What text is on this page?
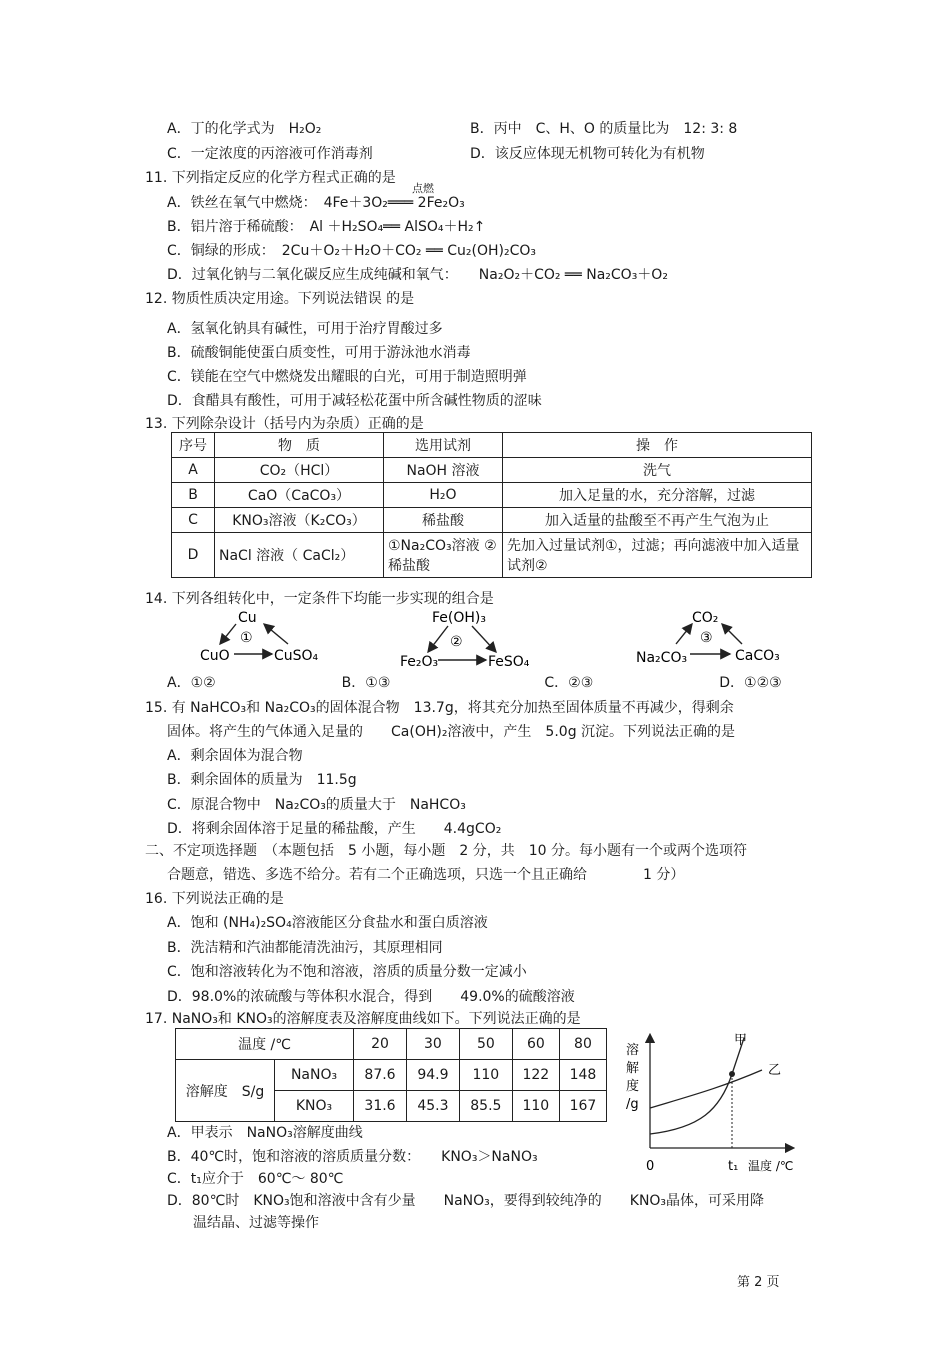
A．丁的化学式为　H₂O₂	B．丙中　C、H、O 的质量比为　12: 3: 8
C．一定浓度的丙溶液可作消毒剂	D．该反应体现无机物可转化为有机物
11. 下列指定反应的化学方程式正确的是
点燃
A．铁丝在氧气中燃烧：　4Fe＋3O₂═══ 2Fe₂O₃
B．铝片溶于稀硫酸：　Al ＋H₂SO₄══ AlSO₄＋H₂↑
C．铜绿的形成：　2Cu＋O₂＋H₂O＋CO₂ ══ Cu₂(OH)₂CO₃
D．过氧化钠与二氧化碳反应生成纯碱和氧气：　　Na₂O₂＋CO₂ ══ Na₂CO₃＋O₂
12. 物质性质决定用途。下列说法错误 的是
A．氢氧化钠具有碱性，可用于治疗胃酸过多
B．硫酸铜能使蛋白质变性，可用于游泳池水消毒
C．镁能在空气中燃烧发出耀眼的白光，可用于制造照明弹
D．食醋具有酸性，可用于减轻松花蛋中所含碱性物质的涩味
13. 下列除杂设计（括号内为杂质）正确的是
序号	物　质	选用试剂	操　作
A	CO₂（HCl）	NaOH 溶液	洗气
B	CaO（CaCO₃）	H₂O	加入足量的水，充分溶解，过滤
C	KNO₃溶液（K₂CO₃）	稀盐酸	加入适量的盐酸至不再产生气泡为止
D	NaCl 溶液（ CaCl₂）	①Na₂CO₃溶液 ②稀盐酸	先加入过量试剂①，过滤；再向滤液中加入适量试剂②
14. 下列各组转化中，一定条件下均能一步实现的组合是
Cu
①
CuO	CuSO₄
Fe(OH)₃
②
Fe₂O₃	FeSO₄
CO₂
③
Na₂CO₃	CaCO₃
A．①②　　　　　　　　　B．①③　　　　　　　　　　　C．②③　　　　　　　　　D．①②③
15. 有 NaHCO₃和 Na₂CO₃的固体混合物　13.7g，将其充分加热至固体质量不再减少，得剩余
固体。将产生的气体通入足量的　　Ca(OH)₂溶液中，产生　5.0g 沉淀。下列说法正确的是
A．剩余固体为混合物
B．剩余固体的质量为　11.5g
C．原混合物中　Na₂CO₃的质量大于　NaHCO₃
D．将剩余固体溶于足量的稀盐酸，产生　　4.4gCO₂
二、不定项选择题　（本题包括　5 小题，每小题　2 分，共　10 分。每小题有一个或两个选项符
合题意，错选、多选不给分。若有二个正确选项，只选一个且正确给　　　　1 分）
16. 下列说法正确的是
A．饱和 (NH₄)₂SO₄溶液能区分食盐水和蛋白质溶液
B．洗洁精和汽油都能清洗油污，其原理相同
C．饱和溶液转化为不饱和溶液，溶质的质量分数一定减小
D．98.0%的浓硫酸与等体积水混合，得到　　49.0%的硫酸溶液
17. NaNO₃和 KNO₃的溶解度表及溶解度曲线如下。下列说法正确的是
温度 /℃		20	30	50	60	80
溶解度　S/g	NaNO₃	87.6	94.9	110	122	148
	KNO₃	31.6	45.3	85.5	110	167
溶
解
度
/g
甲
乙
0	t₁ 温度 /℃
A．甲表示　NaNO₃溶解度曲线
B．40℃时，饱和溶液的溶质质量分数：　　KNO₃＞NaNO₃
C．t₁应介于　60℃～ 80℃
D．80℃时　KNO₃饱和溶液中含有少量　　NaNO₃，要得到较纯净的　　KNO₃晶体，可采用降
温结晶、过滤等操作
第 2 页
